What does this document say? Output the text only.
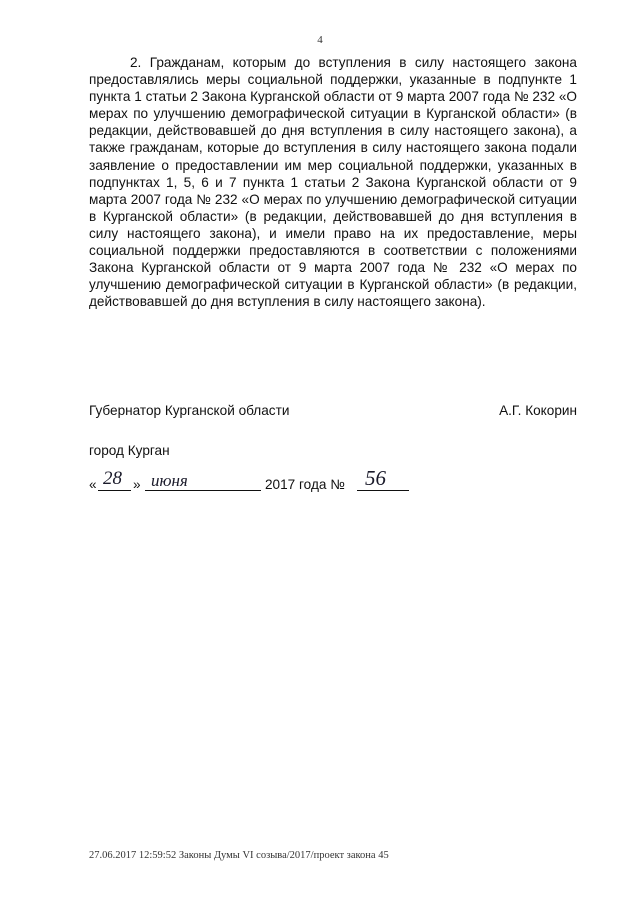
4

2. Гражданам, которым до вступления в силу настоящего закона предоставлялись меры социальной поддержки, указанные в подпункте 1 пункта 1 статьи 2 Закона Курганской области от 9 марта 2007 года № 232 «О мерах по улучшению демографической ситуации в Курганской области» (в редакции, действовавшей до дня вступления в силу настоящего закона), а также гражданам, которые до вступления в силу настоящего закона подали заявление о предоставлении им мер социальной поддержки, указанных в подпунктах 1, 5, 6 и 7 пункта 1 статьи 2 Закона Курганской области от 9 марта 2007 года № 232 «О мерах по улучшению демографической ситуации в Курганской области» (в редакции, действовавшей до дня вступления в силу настоящего закона), и имели право на их предоставление, меры социальной поддержки предоставляются в соответствии с положениями Закона Курганской области от 9 марта 2007 года № 232 «О мерах по улучшению демографической ситуации в Курганской области» (в редакции, действовавшей до дня вступления в силу настоящего закона).

Губернатор Курганской области	А.Г. Кокорин
город Курган
« 28 » июня	2017 года № 56
27.06.2017 12:59:52 Законы Думы VI созыва/2017/проект закона 45
